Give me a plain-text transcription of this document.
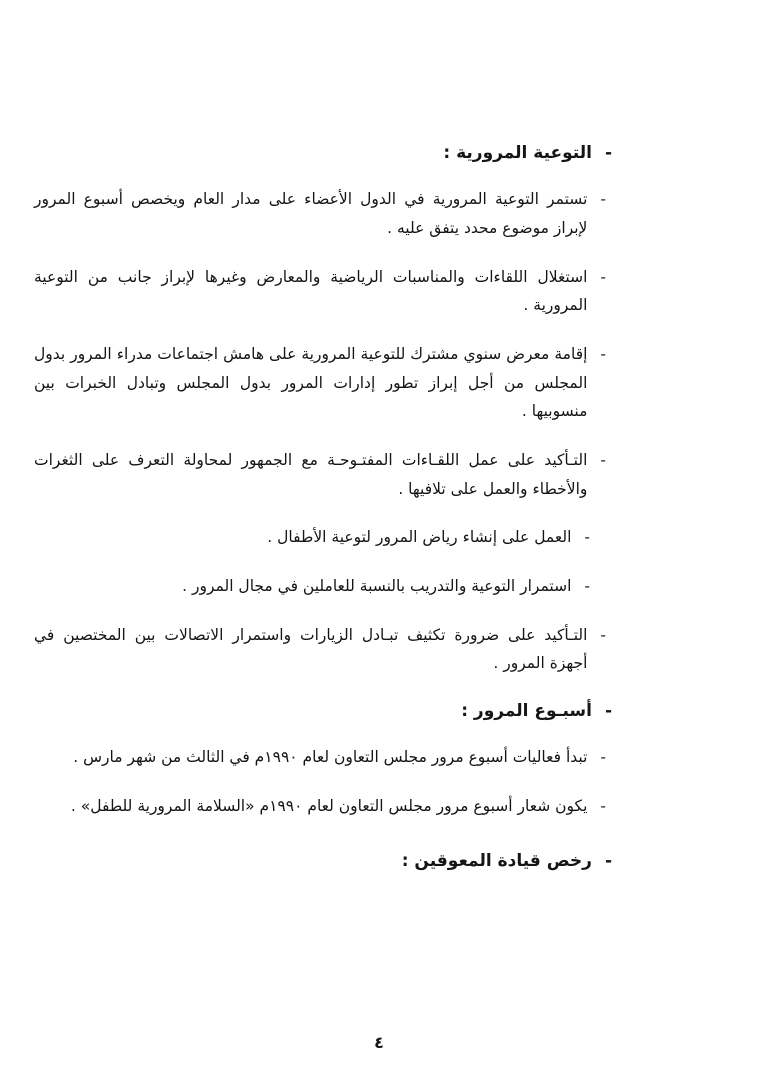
-
التوعية المرورية :
-
تستمر التوعية المرورية في الدول الأعضاء على مدار العام ويخصص أسبوع المرور لإبراز موضوع محدد يتفق عليه .
-
استغلال اللقاءات والمناسبات الرياضية والمعارض وغيرها لإبراز جانب من التوعية المرورية .
-
إقامة معرض سنوي مشترك للتوعية المرورية على هامش اجتماعات مدراء المرور بدول المجلس من أجل إبراز تطور إدارات المرور بدول المجلس وتبادل الخبرات بين منسوبيها .
-
التـأكيد على عمل اللقـاءات المفتـوحـة مع الجمهور لمحاولة التعرف على الثغرات والأخطاء والعمل على تلافيها .
-
العمل على إنشاء رياض المرور لتوعية الأطفال .
-
استمرار التوعية والتدريب بالنسبة للعاملين في مجال المرور .
-
التـأكيد على ضرورة تكثيف تبـادل الزيارات واستمرار الاتصالات بين المختصين في أجهزة المرور .
-
أسبـوع المرور :
-
تبدأ فعاليات أسبوع مرور مجلس التعاون لعام ١٩٩٠م في الثالث من شهر مارس .
-
يكون شعار أسبوع مرور مجلس التعاون لعام ١٩٩٠م «السلامة المرورية للطفل» .
-
رخص قيادة المعوقين :
٤
